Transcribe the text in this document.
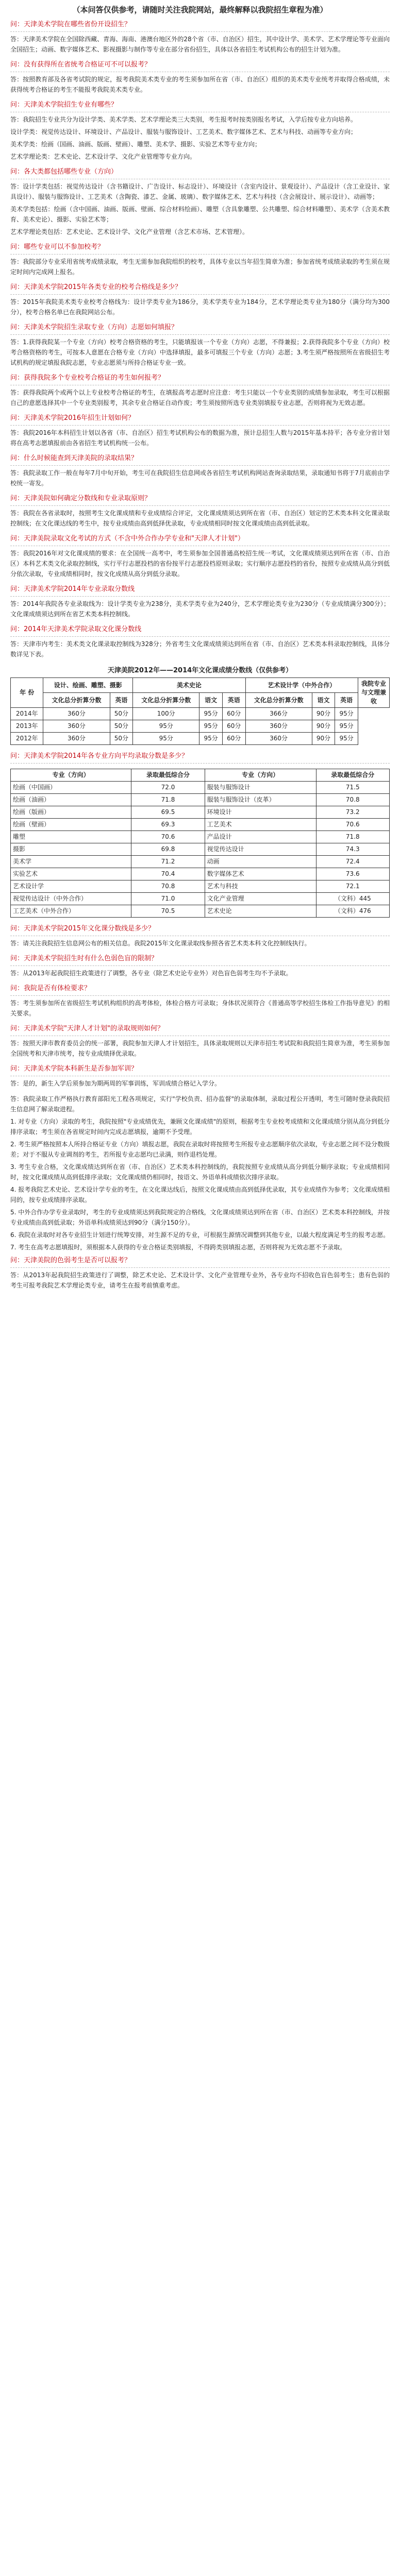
（本问答仅供参考，请随时关注我院网站，最终解释以我院招生章程为准）
问：天津美术学院在哪些省份开设招生？

答：天津美术学院在全国除西藏、青海、海南、港澳台地区外的28个省（市、自治区）招生，其中设计学、美术学、艺术学理论等专业面向全国招生；动画、数字媒体艺术、影视摄影与制作等专业在部分省份招生，具体以各省招生考试机构公布的招生计划为准。

问：没有获得所在省统考合格证可不可以报考？

答：按照教育部及各省考试院的规定，报考我院美术类专业的考生须参加所在省（市、自治区）组织的美术类专业统考并取得合格成绩，未获得统考合格证的考生不能报考我院美术类专业。

问：天津美术学院招生专业有哪些？

答：我院招生专业共分为设计学类、美术学类、艺术学理论类三大类别，考生报考时按类别报名考试，入学后按专业方向培养。

设计学类：视觉传达设计、环境设计、产品设计、服装与服饰设计、工艺美术、数字媒体艺术、艺术与科技、动画等专业方向；

美术学类：绘画（国画、油画、版画、壁画）、雕塑、美术学、摄影、实验艺术等专业方向；

艺术学理论类：艺术史论、艺术设计学、文化产业管理等专业方向。

问：各大类都包括哪些专业（方向）

答：设计学类包括：视觉传达设计（含书籍设计、广告设计、标志设计）、环境设计（含室内设计、景观设计）、产品设计（含工业设计、家具设计）、服装与服饰设计、工艺美术（含陶瓷、漆艺、金属、玻璃）、数字媒体艺术、艺术与科技（含会展设计、展示设计）、动画等；

美术学类包括：绘画（含中国画、油画、版画、壁画、综合材料绘画）、雕塑（含具象雕塑、公共雕塑、综合材料雕塑）、美术学（含美术教育、美术史论）、摄影、实验艺术等；

艺术学理论类包括：艺术史论、艺术设计学、文化产业管理（含艺术市场、艺术管理）。

问：哪些专业可以不参加校考？

答：我院部分专业采用省统考成绩录取，考生无需参加我院组织的校考，具体专业以当年招生简章为准；参加省统考成绩录取的考生须在规定时间内完成网上报名。

问：天津美术学院2015年各类专业的校考合格线是多少？

答：2015年我院美术类专业校考合格线为：设计学类专业为186分，美术学类专业为184分，艺术学理论类专业为180分（满分均为300分），校考合格名单已在我院网站公布。

问：天津美术学院招生录取专业（方向）志愿如何填报？

答：1.获得我院某一个专业（方向）校考合格资格的考生，只能填报该一个专业（方向）志愿，不得兼报；2.获得我院多个专业（方向）校考合格资格的考生，可按本人意愿在合格专业（方向）中选择填报，最多可填报三个专业（方向）志愿；3.考生须严格按照所在省级招生考试机构的规定填报我院志愿，专业志愿须与所持合格证专业一致。

问：获得我院多个专业校考合格证的考生如何报考？

答：获得我院两个或两个以上专业校考合格证的考生，在填报高考志愿时应注意：考生只能以一个专业类别的成绩参加录取，考生可以根据自己的意愿选择其中一个专业类别报考，其余专业合格证自动作废；考生须按照所选专业类别填报专业志愿，否则将视为无效志愿。

问：天津美术学院2016年招生计划如何？

答：我院2016年本科招生计划以各省（市、自治区）招生考试机构公布的数据为准，预计总招生人数与2015年基本持平；各专业分省计划将在高考志愿填报前由各省招生考试机构统一公布。

问：什么时候能查到天津美院的录取结果？

答：我院录取工作一般在每年7月中旬开始，考生可在我院招生信息网或各省招生考试机构网站查询录取结果，录取通知书将于7月底前由学校统一寄发。

问：天津美院如何确定分数线和专业录取原则？

答：我院在各省录取时，按照考生文化课成绩和专业成绩综合评定，文化课成绩须达到所在省（市、自治区）划定的艺术类本科文化课录取控制线；在文化课达线的考生中，按专业成绩由高到低择优录取，专业成绩相同时按文化课成绩由高到低录取。

问：天津美院录取文化考试的方式（不含中外合作办学专业和"天津人才计划"）

答：我院2016年对文化课成绩的要求：在全国统一高考中，考生须参加全国普通高校招生统一考试，文化课成绩须达到所在省（市、自治区）本科艺术类文化录取控制线，实行平行志愿投档的省份按平行志愿投档原则录取；实行顺序志愿投档的省份，按照专业成绩从高分到低分依次录取，专业成绩相同时，按文化成绩从高分到低分录取。

问：天津美术学院2014年专业录取分数线

答：2014年我院各专业录取线为：设计学类专业为238分，美术学类专业为240分，艺术学理论类专业为230分（专业成绩满分300分）；文化课成绩须达到所在省艺术类本科控制线。

问：2014年天津美术学院录取文化课分数线

答：天津市内考生：美术类文化课录取控制线为328分；外省考生文化课成绩须达到所在省（市、自治区）艺术类本科录取控制线，具体分数详见下表。

天津美院2012年——2014年文化课成绩分数线（仅供参考）
年 份	设计、绘画、雕塑、摄影		美术史论			艺术设计学（中外合作）			我院专业与文理兼收
	文化总分折算分数	英语	文化总分折算分数	语文	英语	文化总分折算分数	语文	英语	
2014年	360分	50分	100分	95分	60分	366分	90分	95分	
2013年	360分	50分	95分	95分	60分	360分	90分	95分	
2012年	360分	50分	95分	95分	60分	360分	90分	95分	
问：天津美术学院2014年各专业方向平均录取分数是多少？
专业（方向）	录取最低综合分	专业（方向）	录取最低综合分
绘画（中国画）	72.0	服装与服饰设计	71.5
绘画（油画）	71.8	服装与服饰设计（皮革）	70.8
绘画（版画）	69.5	环境设计	73.2
绘画（壁画）	69.3	工艺美术	70.6
雕塑	70.6	产品设计	71.8
摄影	69.8	视觉传达设计	74.3
美术学	71.2	动画	72.4
实验艺术	70.4	数字媒体艺术	73.6
艺术设计学	70.8	艺术与科技	72.1
视觉传达设计（中外合作）	71.0	文化产业管理	（文科）445
工艺美术（中外合作）	70.5	艺术史论	（文科）476
问：天津美术学院2015年文化课分数线是多少？

答：请关注我院招生信息网公布的相关信息。我院2015年文化课录取线参照各省艺术类本科文化控制线执行。

问：天津美术学院招生时有什么色弱色盲的限制？

答：从2013年起我院招生政策进行了调整，各专业（除艺术史论专业外）对色盲色弱考生均不予录取。

问：我院是否有体检要求？

答：考生须参加所在省级招生考试机构组织的高考体检，体检合格方可录取；身体状况须符合《普通高等学校招生体检工作指导意见》的相关要求。

问：天津美术学院"天津人才计划"的录取规则如何？

答：按照天津市教育委员会的统一部署，我院参加天津人才计划招生，具体录取规则以天津市招生考试院和我院招生简章为准，考生须参加全国统考和天津市统考，按专业成绩择优录取。

问：天津美术学院本科新生是否参加军训？

答：是的，新生入学后须参加为期两周的军事训练，军训成绩合格记入学分。

答：我院录取工作严格执行教育部阳光工程各项规定，实行"学校负责、招办监督"的录取体制，录取过程公开透明，考生可随时登录我院招生信息网了解录取进程。

1. 对专业（方向）录取的考生，我院按照"专业成绩优先，兼顾文化课成绩"的原则，根据考生专业校考成绩和文化课成绩分别从高分到低分排序录取；考生须在各省规定时间内完成志愿填报，逾期不予受理。

2. 考生须严格按照本人所持合格证专业（方向）填报志愿，我院在录取时将按照考生所报专业志愿顺序依次录取，专业志愿之间不设分数级差；对于不服从专业调剂的考生，若所报专业志愿均已录满，则作退档处理。

3. 考生专业合格，文化课成绩达到所在省（市、自治区）艺术类本科控制线的，我院按照专业成绩从高分到低分顺序录取；专业成绩相同时，按文化课成绩从高到低排序录取；文化课成绩仍相同时，按语文、外语单科成绩依次排序录取。

4. 报考我院艺术史论、艺术设计学专业的考生，在文化课达线后，按照文化课成绩由高到低择优录取，其专业成绩作为参考；文化课成绩相同的，按专业成绩排序录取。

5. 中外合作办学专业录取时，考生的专业成绩须达到我院规定的合格线，文化课成绩须达到所在省（市、自治区）艺术类本科控制线，并按专业成绩由高到低录取；外语单科成绩须达到90分（满分150分）。

6. 我院在录取时对各专业招生计划进行统筹安排，对生源不足的专业，可根据生源情况调整到其他专业，以最大程度满足考生的报考志愿。

7. 考生在高考志愿填报时，须根据本人获得的专业合格证类别填报，不得跨类别填报志愿，否则将视为无效志愿不予录取。

问：天津美院的色弱考生是否可以报考？

答：从2013年起我院招生政策进行了调整，除艺术史论、艺术设计学、文化产业管理专业外，各专业均不招收色盲色弱考生；患有色弱的考生可报考我院艺术学理论类专业，请考生在报考前慎重考虑。
